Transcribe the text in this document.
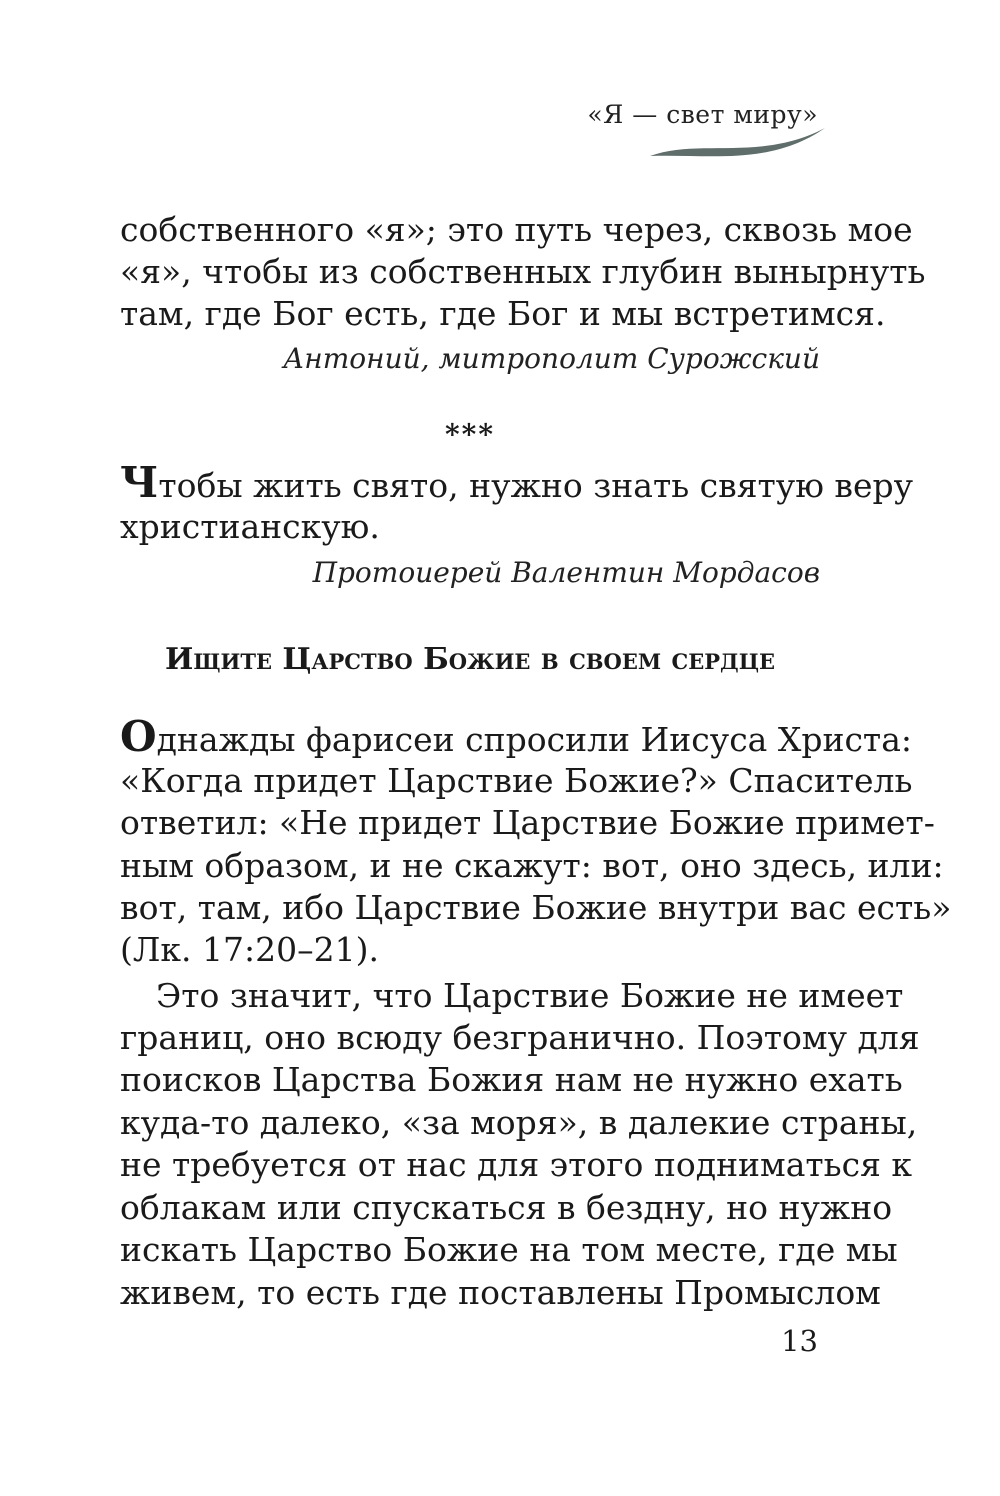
«Я — свет миру»
собственного «я»; это путь через, сквозь мое
«я», чтобы из собственных глубин вынырнуть
там, где Бог есть, где Бог и мы встретимся.
Антоний, митрополит Сурожский
***
Чтобы жить свято, нужно знать святую веру
христианскую.
Протоиерей Валентин Мордасов
Ищите Царство Божие в своем сердце
Однажды фарисеи спросили Иисуса Христа:
«Когда придет Царствие Божие?» Спаситель
ответил: «Не придет Царствие Божие примет-
ным образом, и не скажут: вот, оно здесь, или:
вот, там, ибо Царствие Божие внутри вас есть»
(Лк. 17:20–21).
Это значит, что Царствие Божие не имеет
границ, оно всюду безгранично. Поэтому для
поисков Царства Божия нам не нужно ехать
куда-то далеко, «за моря», в далекие страны,
не требуется от нас для этого подниматься к
облакам или спускаться в бездну, но нужно
искать Царство Божие на том месте, где мы
живем, то есть где поставлены Промыслом
13
